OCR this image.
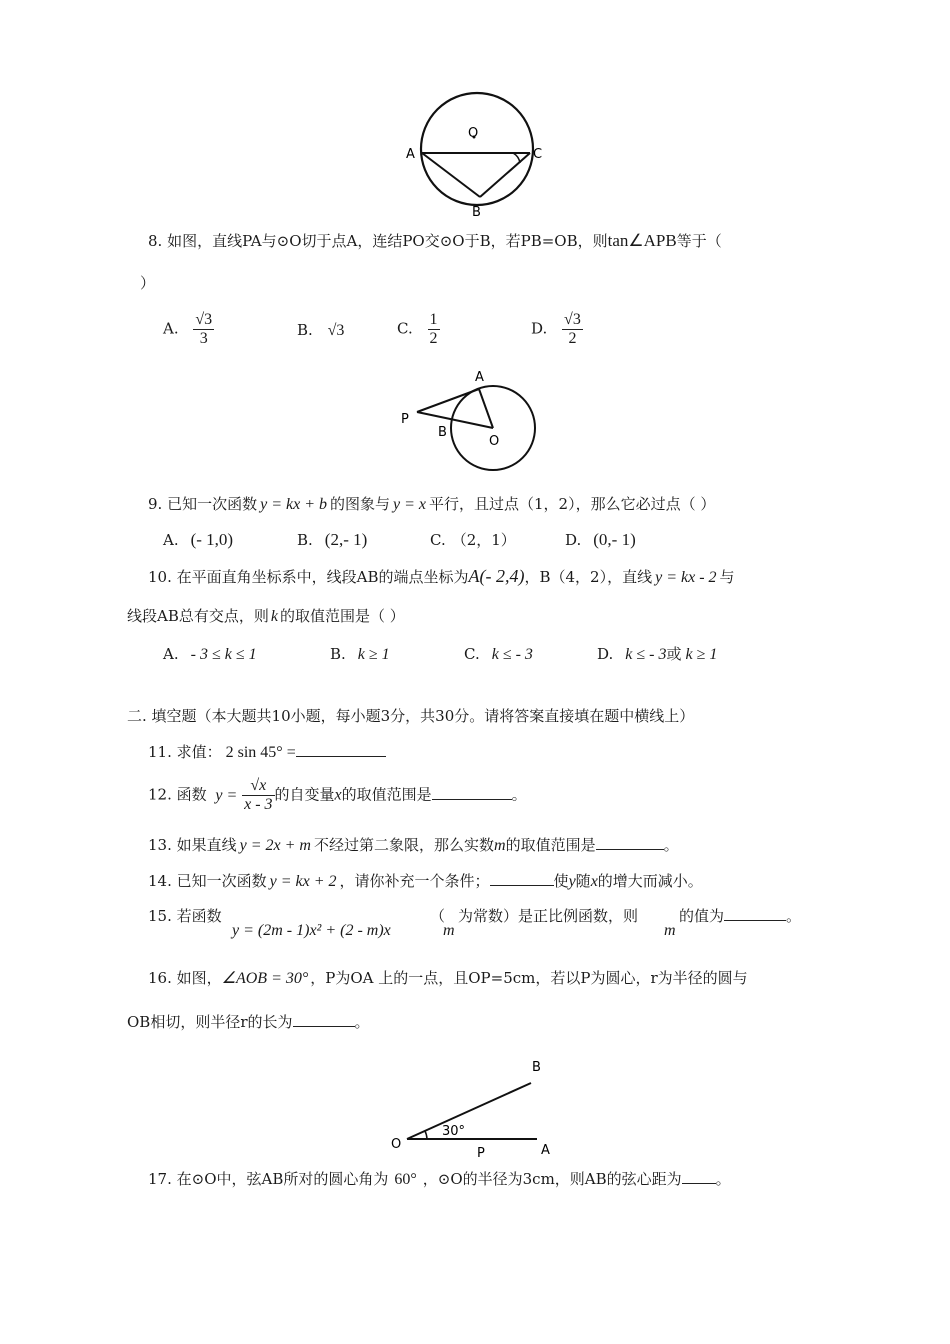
O
A	C
B
8. 如图，直线PA与⊙O切于点A，连结PO交⊙O于B，若PB=OB，则tan∠APB等于（
）
A. $\frac{√3}{3}$	B. √3	C. $\frac{1}{2}$	D. $\frac{√3}{2}$
A
P
B
O
9. 已知一次函数 y = kx + b 的图象与 y = x 平行，且过点（1，2），那么它必过点（ ）
A. (- 1,0)	B. (2,- 1)	C. （2，1）	D. (0,- 1)
10. 在平面直角坐标系中，线段AB的端点坐标为A(- 2,4)，B（4，2），直线 y = kx - 2 与
线段AB总有交点，则 k 的取值范围是（ ）
A. - 3 ≤ k ≤ 1	B. k ≥ 1	C. k ≤ - 3	D. k ≤ - 3或 k ≥ 1
二. 填空题（本大题共10小题，每小题3分，共30分。请将答案直接填在题中横线上）
11. 求值： 2 sin 45° =
12. 函数 $y = \frac{√x}{x - 3}$ 的自变量x的取值范围是	。
13. 如果直线 y = 2x + m 不经过第二象限，那么实数m的取值范围是	。
14. 已知一次函数 y = kx + 2 ，请你补充一个条件；	使y随x的增大而减小。
15. 若函数
y = (2m - 1)x² + (2 - m)x
（
m
为常数）是正比例函数，则
m
的值为	。
16. 如图，∠AOB = 30° ，P为OA 上的一点，且OP=5cm，若以P为圆心，r为半径的圆与
OB相切，则半径r的长为	。
B
O	A
P
30°
17. 在⊙O中，弦AB所对的圆心角为 60° ，⊙O的半径为3cm，则AB的弦心距为 。
